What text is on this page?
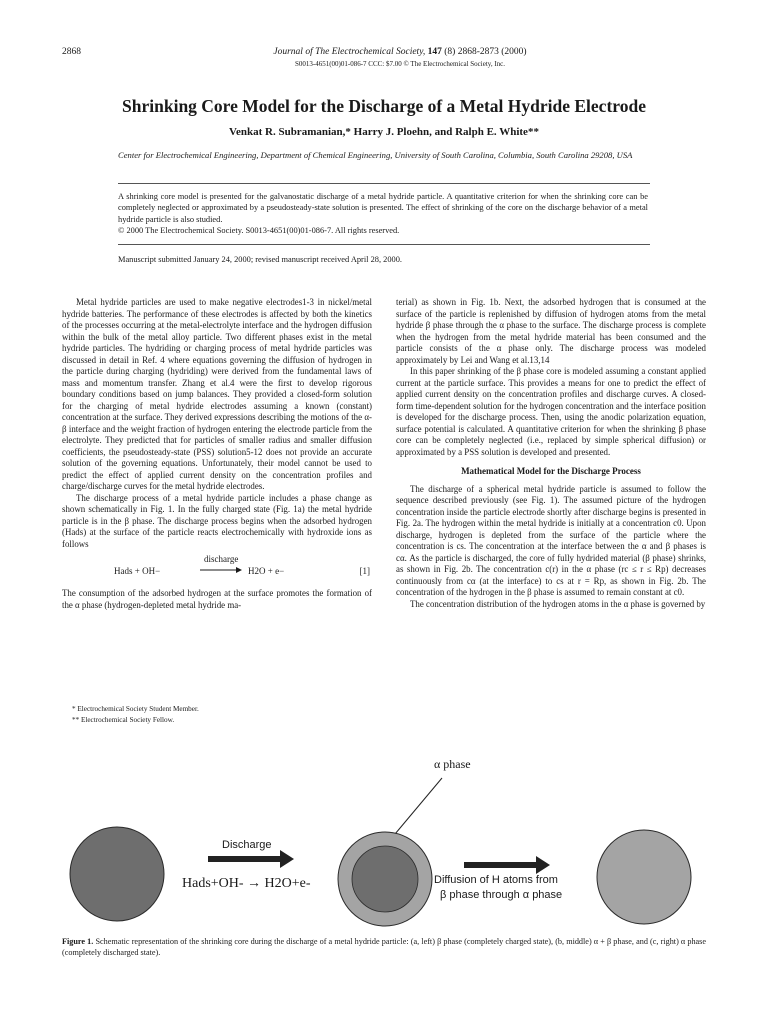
2868	Journal of The Electrochemical Society, 147 (8) 2868-2873 (2000)
S0013-4651(00)01-086-7 CCC: $7.00 © The Electrochemical Society, Inc.
Shrinking Core Model for the Discharge of a Metal Hydride Electrode
Venkat R. Subramanian,* Harry J. Ploehn, and Ralph E. White**
Center for Electrochemical Engineering, Department of Chemical Engineering, University of South Carolina, Columbia, South Carolina 29208, USA

A shrinking core model is presented for the galvanostatic discharge of a metal hydride particle. A quantitative criterion for when the shrinking core can be completely neglected or approximated by a pseudosteady-state solution is presented. The effect of shrinking of the core on the discharge behavior of a metal hydride particle is also studied.

© 2000 The Electrochemical Society. S0013-4651(00)01-086-7. All rights reserved.

Manuscript submitted January 24, 2000; revised manuscript received April 28, 2000.

Metal hydride particles are used to make negative electrodes1-3 in nickel/metal hydride batteries. The performance of these electrodes is affected by both the kinetics of the processes occurring at the metal-electrolyte interface and the hydrogen diffusion within the bulk of the metal alloy particle. Two different phases exist in the metal hydride particles. The hydriding or charging process of metal hydride particles was discussed in detail in Ref. 4 where equations governing the diffusion of hydrogen in the particle during charging (hydriding) were derived from the fundamental laws of mass and momentum transfer. Zhang et al.4 were the first to develop rigorous boundary conditions based on jump balances. They provided a closed-form solution for the charging of metal hydride electrodes assuming a known (constant) concentration at the surface. They derived expressions describing the motions of the α-β interface and the weight fraction of hydrogen entering the electrode particle from the electrolyte. They predicted that for particles of smaller radius and smaller diffusion coefficients, the pseudosteady-state (PSS) solution5-12 does not provide an accurate solution of the governing equations. Unfortunately, their model cannot be used to predict the effect of applied current density on the concentration profiles and charge/discharge curves for the metal hydride electrodes.

The discharge process of a metal hydride particle includes a phase change as shown schematically in Fig. 1. In the fully charged state (Fig. 1a) the metal hydride particle is in the β phase. The discharge process begins when the adsorbed hydrogen (Hads) at the surface of the particle reacts electrochemically with hydroxide ions as follows

Hads + OH−
discharge
H2O + e−	[1]

The consumption of the adsorbed hydrogen at the surface promotes the formation of the α phase (hydrogen-depleted metal hydride ma-

* Electrochemical Society Student Member.
** Electrochemical Society Fellow.

terial) as shown in Fig. 1b. Next, the adsorbed hydrogen that is consumed at the surface of the particle is replenished by diffusion of hydrogen atoms from the metal hydride β phase through the α phase to the surface. The discharge process is complete when the hydrogen from the metal hydride material has been consumed and the particle consists of the α phase only. The discharge process was modeled approximately by Lei and Wang et al.13,14

In this paper shrinking of the β phase core is modeled assuming a constant applied current at the particle surface. This provides a means for one to predict the effect of applied current density on the concentration profiles and discharge curves. A closed-form time-dependent solution for the hydrogen concentration and the interface position is developed for the discharge process. Then, using the anodic polarization equation, surface potential is calculated. A quantitative criterion for when the shrinking β phase core can be completely neglected (i.e., replaced by simple spherical diffusion) or approximated by a PSS solution is developed and presented.

Mathematical Model for the Discharge Process

The discharge of a spherical metal hydride particle is assumed to follow the sequence described previously (see Fig. 1). The assumed picture of the hydrogen concentration inside the particle electrode shortly after discharge begins is presented in Fig. 2a. The hydrogen within the metal hydride is initially at a concentration c0. Upon discharge, hydrogen is depleted from the surface of the particle where the concentration is cs. The concentration at the interface between the α and β phases is cα. As the particle is discharged, the core of fully hydrided material (β phase) shrinks, as shown in Fig. 2b. The concentration c(r) in the α phase (rc ≤ r ≤ Rp) decreases continuously from cα (at the interface) to cs at r = Rp, as shown in Fig. 2b. The concentration of the hydrogen in the β phase is assumed to remain constant at c0.

The concentration distribution of the hydrogen atoms in the α phase is governed by

α phase
Discharge
Hads+OH- → H2O+e-	Diffusion of H atoms from
β phase through α phase
Figure 1. Schematic representation of the shrinking core during the discharge of a metal hydride particle: (a, left) β phase (completely charged state), (b, middle) α + β phase, and (c, right) α phase (completely discharged state).
